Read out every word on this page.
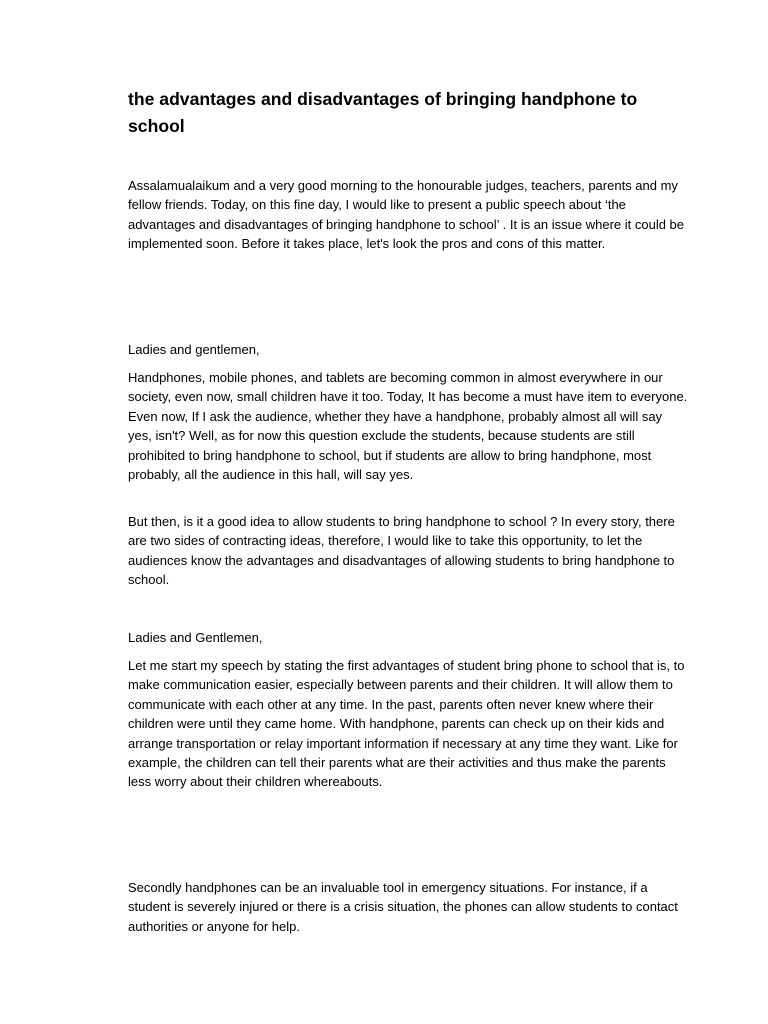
the advantages and disadvantages of bringing handphone to school

Assalamualaikum and a very good morning to the honourable judges, teachers, parents and my fellow friends. Today, on this fine day, I would like to present a public speech about ‘the advantages and disadvantages of bringing handphone to school’ . It is an issue where it could be implemented soon. Before it takes place, let's look the pros and cons of this matter.

Ladies and gentlemen,

Handphones, mobile phones, and tablets are becoming common in almost everywhere in our society, even now, small children have it too. Today, It has become a must have item to everyone. Even now, If I ask the audience, whether they have a handphone, probably almost all will say yes, isn't? Well, as for now this question exclude the students, because students are still prohibited to bring handphone to school, but if students are allow to bring handphone, most probably, all the audience in this hall, will say yes.

But then, is it a good idea to allow students to bring handphone to school ? In every story, there are two sides of contracting ideas, therefore, I would like to take this opportunity, to let the audiences know the advantages and disadvantages of allowing students to bring handphone to school.

Ladies and Gentlemen,

Let me start my speech by stating the first advantages of student bring phone to school that is, to make communication easier, especially between parents and their children. It will allow them to communicate with each other at any time. In the past, parents often never knew where their children were until they came home. With handphone, parents can check up on their kids and arrange transportation or relay important information if necessary at any time they want. Like for example, the children can tell their parents what are their activities and thus make the parents less worry about their children whereabouts.

Secondly handphones can be an invaluable tool in emergency situations. For instance, if a student is severely injured or there is a crisis situation, the phones can allow students to contact authorities or anyone for help.
